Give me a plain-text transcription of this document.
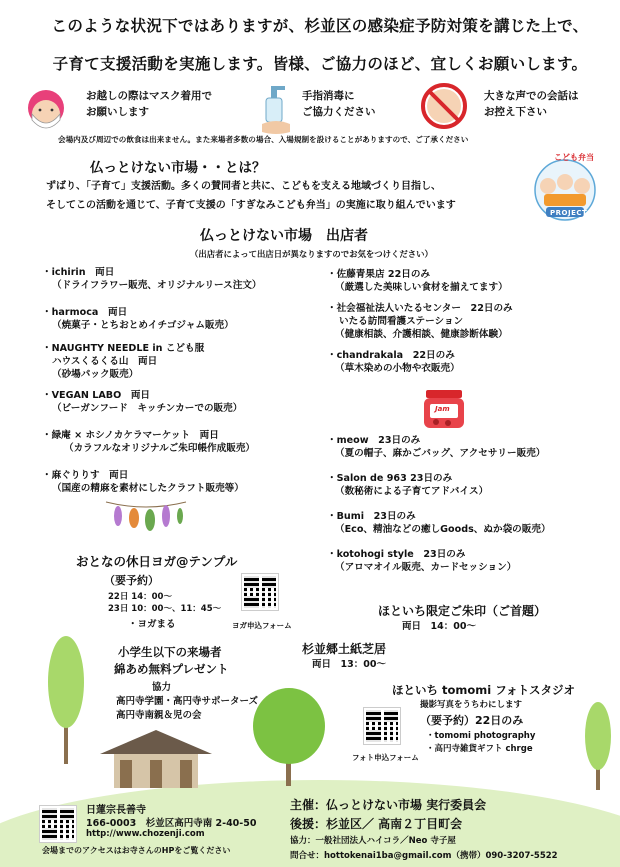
このような状況下ではありますが、杉並区の感染症予防対策を講じた上で、
子育て支援活動を実施します。皆様、ご協力のほど、宜しくお願いします。
お越しの際はマスク着用で
お願いします
手指消毒に
ご協力ください
大きな声での会話は
お控え下さい
会場内及び周辺での飲食は出来ません。また来場者多数の場合、入場規制を設けることがありますので、ご了承ください
仏っとけない市場・・とは？
ずばり、「子育て」支援活動。多くの賛同者と共に、こどもを支える地域づくり目指し、
そしてこの活動を通じて、子育て支援の「すぎなみこども弁当」の実施に取り組んでいます
こども弁当
PROJECT
仏っとけない市場　出店者
（出店者によって出店日が異なりますのでお気をつけください）
・ichirin　両日
（ドライフラワー販売、オリジナルリース注文）
・harmoca　両日
（焼菓子・とちおとめイチゴジャム販売）
・NAUGHTY NEEDLE in こども服
ハウスくるくる山　両日
（砂場パック販売）
・VEGAN LABO　両日
（ビーガンフード　キッチンカーでの販売）
・緑庵 × ホシノカケラマーケット　両日
（カラフルなオリジナルご朱印帳作成販売）
・麻ぐりりす　両日
（国産の精麻を素材にしたクラフト販売等）
・佐藤青果店 22日のみ
（厳選した美味しい食材を揃えてます）
・社会福祉法人いたるセンター　22日のみ
いたる訪問看護ステーション
（健康相談、介護相談、健康診断体験）
・chandrakala　22日のみ
（草木染めの小物や衣販売）
Jam
・meow　23日のみ
（夏の帽子、麻かごバッグ、アクセサリー販売）
・Salon de 963 23日のみ
（数秘術による子育てアドバイス）
・Bumi　23日のみ
（Eco、精油などの癒しGoods、ぬか袋の販売）
・kotohogi style　23日のみ
（アロマオイル販売、カードセッション）
おとなの休日ヨガ@テンプル
（要予約）
22日 14：00～
23日 10：00～、11：45～
・ヨガまる	ヨガ申込フォーム
ほといち限定ご朱印（ご首題）
両日　14：00～
杉並郷土紙芝居
両日　13：00～
小学生以下の来場者
綿あめ無料プレゼント
協力
高円寺学園・高円寺サポーターズ
高円寺南親＆児の会
ほといち tomomi フォトスタジオ
撮影写真をうちわにします
（要予約）22日のみ
・tomomi photography
・高円寺雑貨ギフト chrge
フォト申込フォーム
日蓮宗長善寺
166-0003　杉並区高円寺南 2-40-50
http://www.chozenji.com
会場までのアクセスはお寺さんのHPをご覧ください
主催：仏っとけない市場 実行委員会
後援：杉並区／ 高南２丁目町会
協力：一般社団法人ハイコラ／Neo 寺子屋
問合せ：hottokenai1ba@gmail.com（携帯）090-3207-5522
